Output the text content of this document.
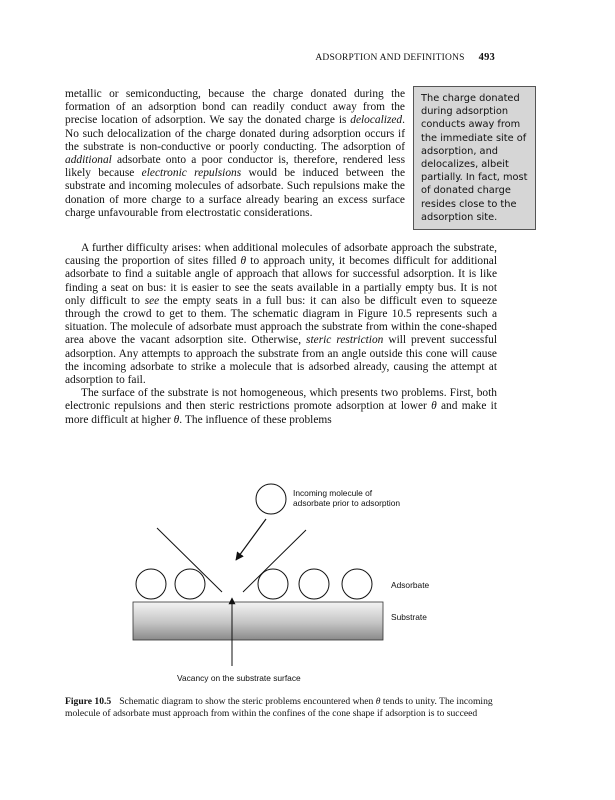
ADSORPTION AND DEFINITIONS 493

metallic or semiconducting, because the charge donated during the formation of an adsorption bond can readily conduct away from the precise location of adsorption. We say the donated charge is delocalized. No such delocalization of the charge donated during adsorption occurs if the substrate is non-conductive or poorly conducting. The adsorption of additional adsorbate onto a poor conductor is, therefore, rendered less likely because electronic repulsions would be induced between the substrate and incoming molecules of adsorbate. Such repulsions make the donation of more charge to a surface already bearing an excess surface charge unfavourable from electrostatic considerations.

The charge donated during adsorption conducts away from the immediate site of adsorption, and delocalizes, albeit partially. In fact, most of donated charge resides close to the adsorption site.

A further difficulty arises: when additional molecules of adsorbate approach the substrate, causing the proportion of sites filled θ to approach unity, it becomes difficult for additional adsorbate to find a suitable angle of approach that allows for successful adsorption. It is like finding a seat on bus: it is easier to see the seats available in a partially empty bus. It is not only difficult to see the empty seats in a full bus: it can also be difficult even to squeeze through the crowd to get to them. The schematic diagram in Figure 10.5 represents such a situation. The molecule of adsorbate must approach the substrate from within the cone-shaped area above the vacant adsorption site. Otherwise, steric restriction will prevent successful adsorption. Any attempts to approach the substrate from an angle outside this cone will cause the incoming adsorbate to strike a molecule that is adsorbed already, causing the attempt at adsorption to fail.

The surface of the substrate is not homogeneous, which presents two problems. First, both electronic repulsions and then steric restrictions promote adsorption at lower θ and make it more difficult at higher θ. The influence of these problems

Incoming molecule of adsorbate prior to adsorption
Adsorbate
Substrate
Vacancy on the substrate surface
Figure 10.5 Schematic diagram to show the steric problems encountered when θ tends to unity. The incoming molecule of adsorbate must approach from within the confines of the cone shape if adsorption is to succeed
